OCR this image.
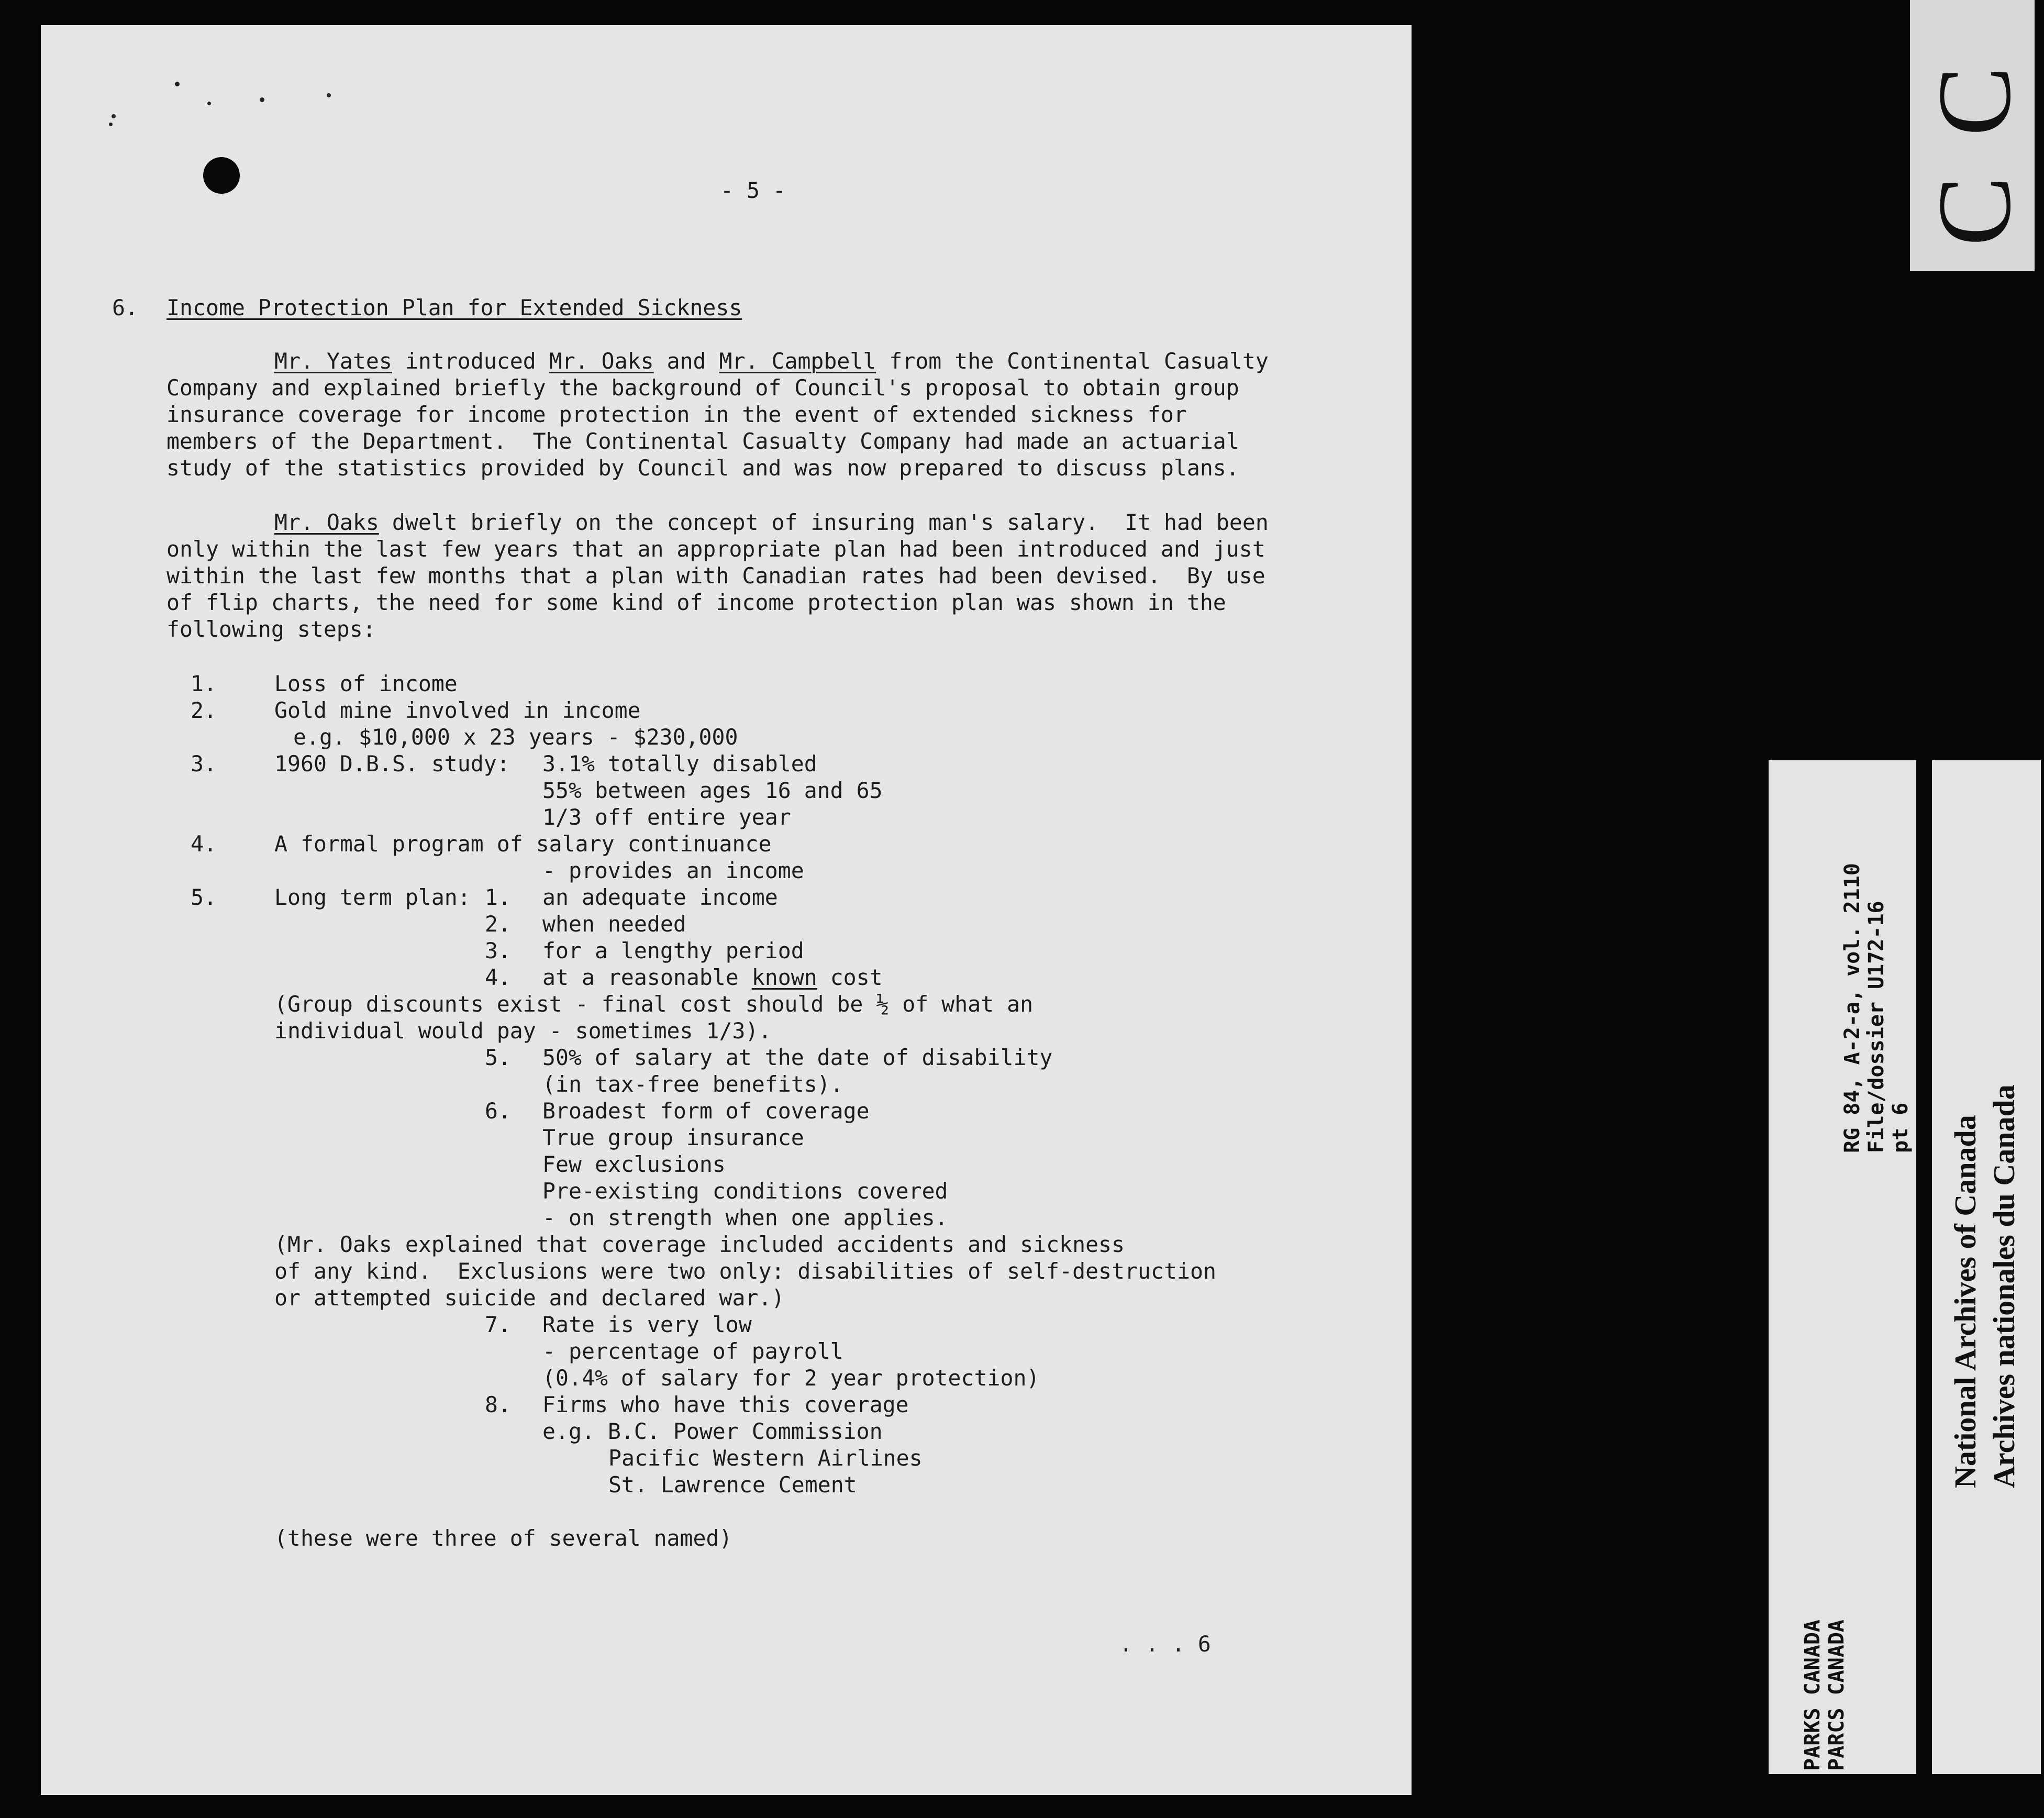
- 5 -
6. Income Protection Plan for Extended Sickness
Mr. Yates introduced Mr. Oaks and Mr. Campbell from the Continental Casualty
Company and explained briefly the background of Council's proposal to obtain group
insurance coverage for income protection in the event of extended sickness for
members of the Department.  The Continental Casualty Company had made an actuarial
study of the statistics provided by Council and was now prepared to discuss plans.
Mr. Oaks dwelt briefly on the concept of insuring man's salary.  It had been
only within the last few years that an appropriate plan had been introduced and just
within the last few months that a plan with Canadian rates had been devised.  By use
of flip charts, the need for some kind of income protection plan was shown in the
following steps:
1.	Loss of income
2.	Gold mine involved in income
e.g. $10,000 x 23 years - $230,000
3.	1960 D.B.S. study: 3.1% totally disabled
55% between ages 16 and 65
1/3 off entire year
4.	A formal program of salary continuance
- provides an income
5.	Long term plan: 1. an adequate income
2. when needed
3. for a lengthy period
4. at a reasonable known cost
(Group discounts exist - final cost should be ½ of what an
individual would pay - sometimes 1/3).
5. 50% of salary at the date of disability
(in tax-free benefits).
6. Broadest form of coverage
True group insurance
Few exclusions
Pre-existing conditions covered
- on strength when one applies.
(Mr. Oaks explained that coverage included accidents and sickness
of any kind.  Exclusions were two only: disabilities of self-destruction
or attempted suicide and declared war.)
7. Rate is very low
- percentage of payroll
(0.4% of salary for 2 year protection)
8. Firms who have this coverage
e.g. B.C. Power Commission
Pacific Western Airlines
St. Lawrence Cement
(these were three of several named)
. . . 6
C
C
PARKS CANADA PARCS CANADA
RG 84, A-2-a, vol. 2110 File/dossier U172-16 pt 6 National Archives of Canada Archives nationales du Canada
